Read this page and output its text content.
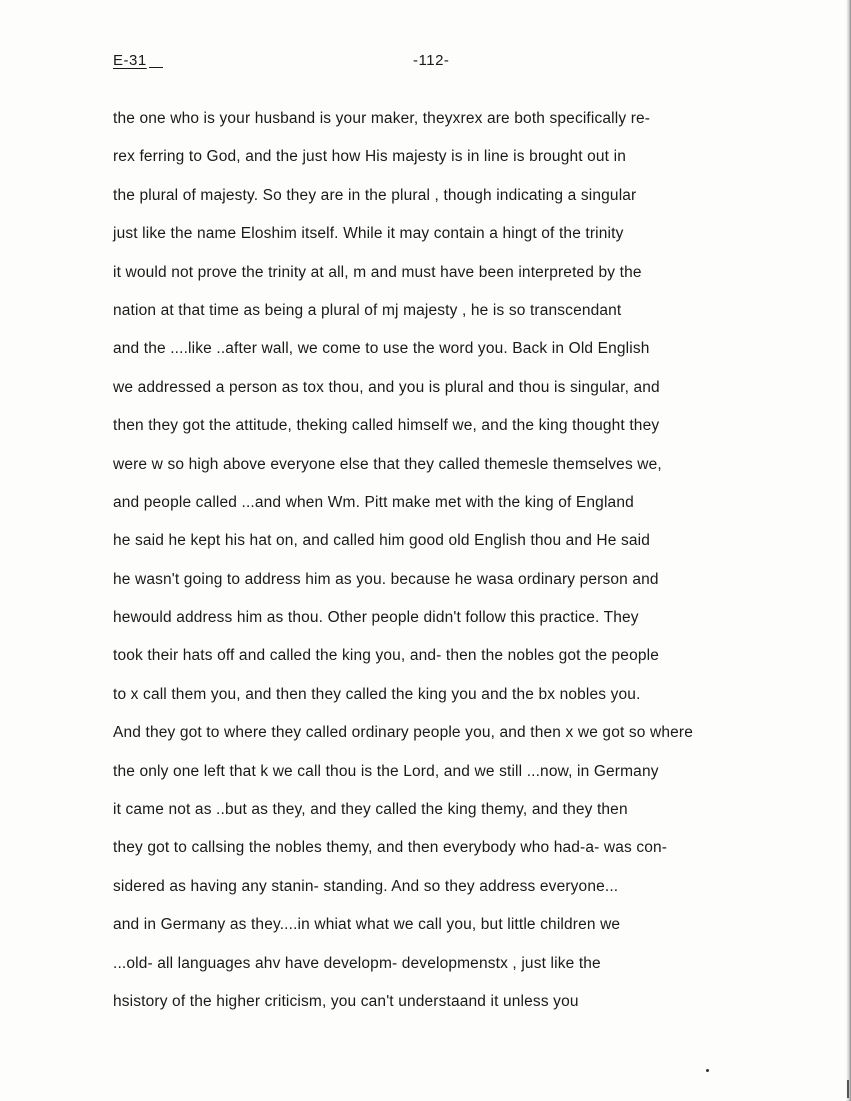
E-31	-112-
the one who is your husband is your maker, theyxrex are both specifically re-
rex ferring to God, and the just how His majesty is in line is brought out in
the plural of majesty. So they are in the plural , though indicating a singular
just like the name Eloshim itself. While it may contain a hingt of the trinity
it would not prove the trinity at all, m and must have been interpreted by the
nation at that time as being a plural of mj majesty , he is so transcendant
and the ....like ..after wall, we come to use the word you. Back in Old English
we addressed a person as tox thou, and you is plural and thou is singular, and
then they got the attitude, theking called himself we, and the king thought they
were w so high above everyone else that they called themesle themselves we,
and people called ...and when Wm. Pitt make met with the king of England
he said he kept his hat on, and called him good old English thou and He said
he wasn't going to address him as you. because he wasa ordinary person and
hewould address him as thou. Other people didn't follow this practice. They
took their hats off and called the king you, and- then the nobles got the people
to x call them you, and then they called the king you and the bx nobles you.
And they got to where they called ordinary people you, and then x we got so where
the only one left that k we call thou is the Lord, and we still ...now, in Germany
it came not as ..but as they, and they called the king themy, and they then
they got to callsing the nobles themy, and then everybody who had-a- was con-
sidered as having any stanin- standing. And so they address everyone...
and in Germany as they....in whiat what we call you, but little children we
...old- all languages ahv have developm- developmenstx , just like the
hsistory of the higher criticism, you can't understaand it unless you
